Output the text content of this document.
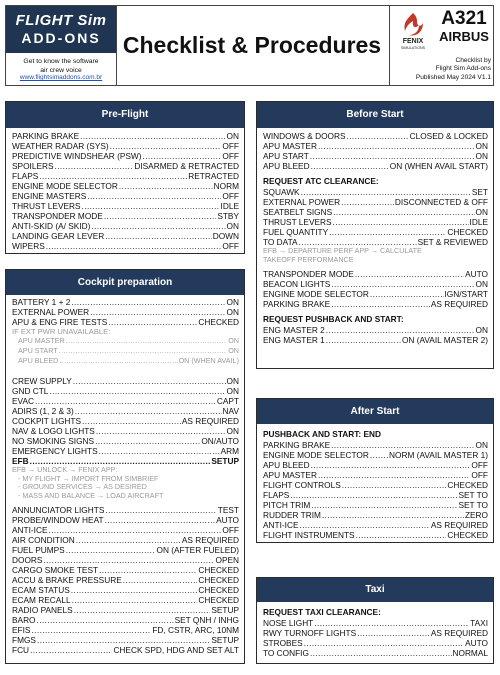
FLIGHT Sim
ADD-ONS
Get to know the software
air crew voice
www.flightsimaddons.com.br
Checklist & Procedures	FENIX
SIMULATIONS
A321
AIRBUS
Checklist by
Flight Sim Add-ons
Published May 2024 V1.1
Pre-Flight
PARKING BRAKE .....	ON
WEATHER RADAR (SYS) .....	OFF
PREDICTIVE WINDSHEAR (PSW) .....	OFF
SPOILERS .....	DISARMED & RETRACTED
FLAPS .....	RETRACTED
ENGINE MODE SELECTOR .....	NORM
ENGINE MASTERS .....	OFF
THRUST LEVERS .....	IDLE
TRANSPONDER MODE .....	STBY
ANTI-SKID (A/ SKID) .....	ON
LANDING GEAR LEVER .....	DOWN
WIPERS .....	OFF
Cockpit preparation
BATTERY 1 + 2 .....	ON
EXTERNAL POWER .....	ON
APU & ENG FIRE TESTS .....	CHECKED
IF EXT PWR UNAVAILABLE:
APU MASTER .....	ON
APU START .....	ON
APU BLEED .....	ON (WHEN AVAIL)
CREW SUPPLY .....	ON
GND CTL .....	ON
EVAC .....	CAPT
ADIRS (1, 2 & 3) .....	NAV
COCKPIT LIGHTS .....	AS REQUIRED
NAV & LOGO LIGHTS .....	ON
NO SMOKING SIGNS .....	ON/AUTO
EMERGENCY LIGHTS .....	ARM
EFB .....	SETUP
EFB → UNLOCK → FENIX APP:
- MY FLIGHT → IMPORT FROM SIMBRIEF
- GROUND SERVICES → AS DESIRED
- MASS AND BALANCE → LOAD AIRCRAFT
ANNUNCIATOR LIGHTS .....	TEST
PROBE/WINDOW HEAT .....	AUTO
ANTI-ICE .....	OFF
AIR CONDITION .....	AS REQUIRED
FUEL PUMPS .....	ON (AFTER FUELED)
DOORS .....	OPEN
CARGO SMOKE TEST .....	CHECKED
ACCU & BRAKE PRESSURE .....	CHECKED
ECAM STATUS .....	CHECKED
ECAM RECALL .....	CHECKED
RADIO PANELS .....	SETUP
BARO .....	SET QNH / INHG
EFIS .....	FD, CSTR, ARC, 10NM
FMGS .....	SETUP
FCU .....	CHECK SPD, HDG AND SET ALT
Before Start
WINDOWS & DOORS .....	CLOSED & LOCKED
APU MASTER .....	ON
APU START .....	ON
APU BLEED .....	ON (WHEN AVAIL START)
REQUEST ATC CLEARANCE:
SQUAWK .....	SET
EXTERNAL POWER .....	DISCONNECTED & OFF
SEATBELT SIGNS .....	ON
THRUST LEVERS .....	IDLE
FUEL QUANTITY .....	CHECKED
TO DATA .....	SET & REVIEWED
EFB → DEPARTURE PERF APP → CALCULATE
TAKEOFF PERFORMANCE
TRANSPONDER MODE .....	AUTO
BEACON LIGHTS .....	ON
ENGINE MODE SELECTOR .....	IGN/START
PARKING BRAKE .....	AS REQUIRED
REQUEST PUSHBACK AND START:
ENG MASTER 2 .....	ON
ENG MASTER 1 .....	ON (AVAIL MASTER 2)
After Start
PUSHBACK AND START: END
PARKING BRAKE .....	ON
ENGINE MODE SELECTOR ..... NORM (AVAIL MASTER 1)
APU BLEED .....	OFF
APU MASTER .....	OFF
FLIGHT CONTROLS .....	CHECKED
FLAPS .....	SET TO
PITCH TRIM .....	SET TO
RUDDER TRIM .....	ZERO
ANTI-ICE .....	AS REQUIRED
FLIGHT INSTRUMENTS .....	CHECKED
Taxi
REQUEST TAXI CLEARANCE:
NOSE LIGHT .....	TAXI
RWY TURNOFF LIGHTS .....	AS REQUIRED
STROBES .....	AUTO
TO CONFIG .....	NORMAL
